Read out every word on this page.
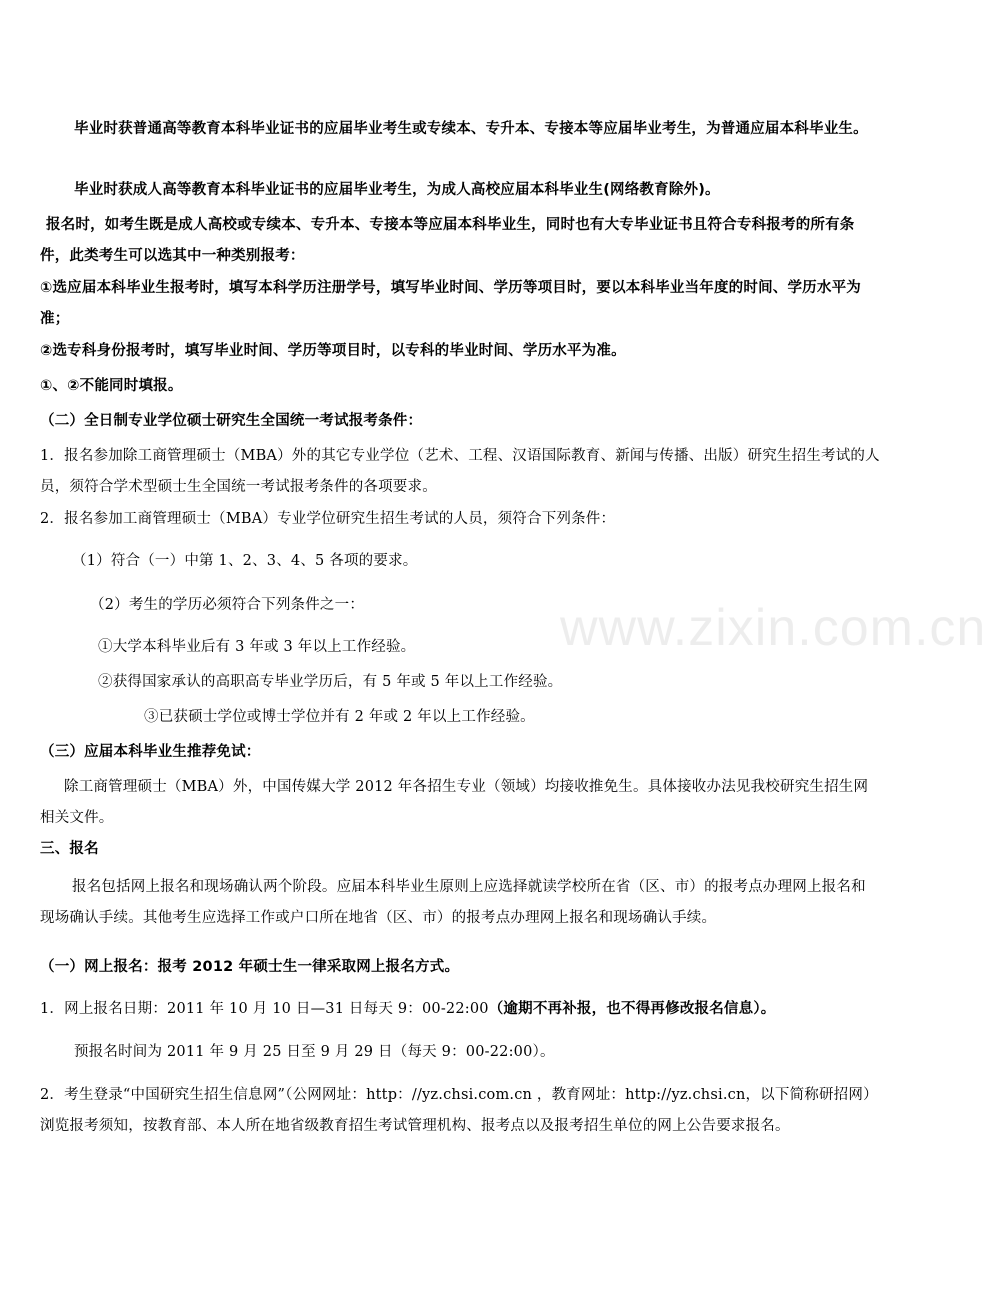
www.zixin.com.cn

毕业时获普通高等教育本科毕业证书的应届毕业考生或专续本、专升本、专接本等应届毕业考生，为普通应届本科毕业生。

毕业时获成人高等教育本科毕业证书的应届毕业考生，为成人高校应届本科毕业生(网络教育除外)。

报名时，如考生既是成人高校或专续本、专升本、专接本等应届本科毕业生，同时也有大专毕业证书且符合专科报考的所有条件，此类考生可以选其中一种类别报考：

①选应届本科毕业生报考时，填写本科学历注册学号，填写毕业时间、学历等项目时，要以本科毕业当年度的时间、学历水平为准；

②选专科身份报考时，填写毕业时间、学历等项目时，以专科的毕业时间、学历水平为准。

①、②不能同时填报。

（二）全日制专业学位硕士研究生全国统一考试报考条件：

1．报名参加除工商管理硕士（MBA）外的其它专业学位（艺术、工程、汉语国际教育、新闻与传播、出版）研究生招生考试的人员，须符合学术型硕士生全国统一考试报考条件的各项要求。

2．报名参加工商管理硕士（MBA）专业学位研究生招生考试的人员，须符合下列条件：

（1）符合（一）中第 1、2、3、4、5 各项的要求。

（2）考生的学历必须符合下列条件之一：

①大学本科毕业后有 3 年或 3 年以上工作经验。

②获得国家承认的高职高专毕业学历后，有 5 年或 5 年以上工作经验。

③已获硕士学位或博士学位并有 2 年或 2 年以上工作经验。

（三）应届本科毕业生推荐免试：

除工商管理硕士（MBA）外，中国传媒大学 2012 年各招生专业（领域）均接收推免生。具体接收办法见我校研究生招生网相关文件。

三、报名

报名包括网上报名和现场确认两个阶段。应届本科毕业生原则上应选择就读学校所在省（区、市）的报考点办理网上报名和现场确认手续。其他考生应选择工作或户口所在地省（区、市）的报考点办理网上报名和现场确认手续。

（一）网上报名：报考 2012 年硕士生一律采取网上报名方式。

1．网上报名日期：2011 年 10 月 10 日—31 日每天 9：00-22:00（逾期不再补报，也不得再修改报名信息）。

预报名时间为 2011 年 9 月 25 日至 9 月 29 日（每天 9：00-22:00）。

2．考生登录“中国研究生招生信息网”（公网网址：http：//yz.chsi.com.cn ，教育网址：http://yz.chsi.cn，以下简称研招网）浏览报考须知，按教育部、本人所在地省级教育招生考试管理机构、报考点以及报考招生单位的网上公告要求报名。
